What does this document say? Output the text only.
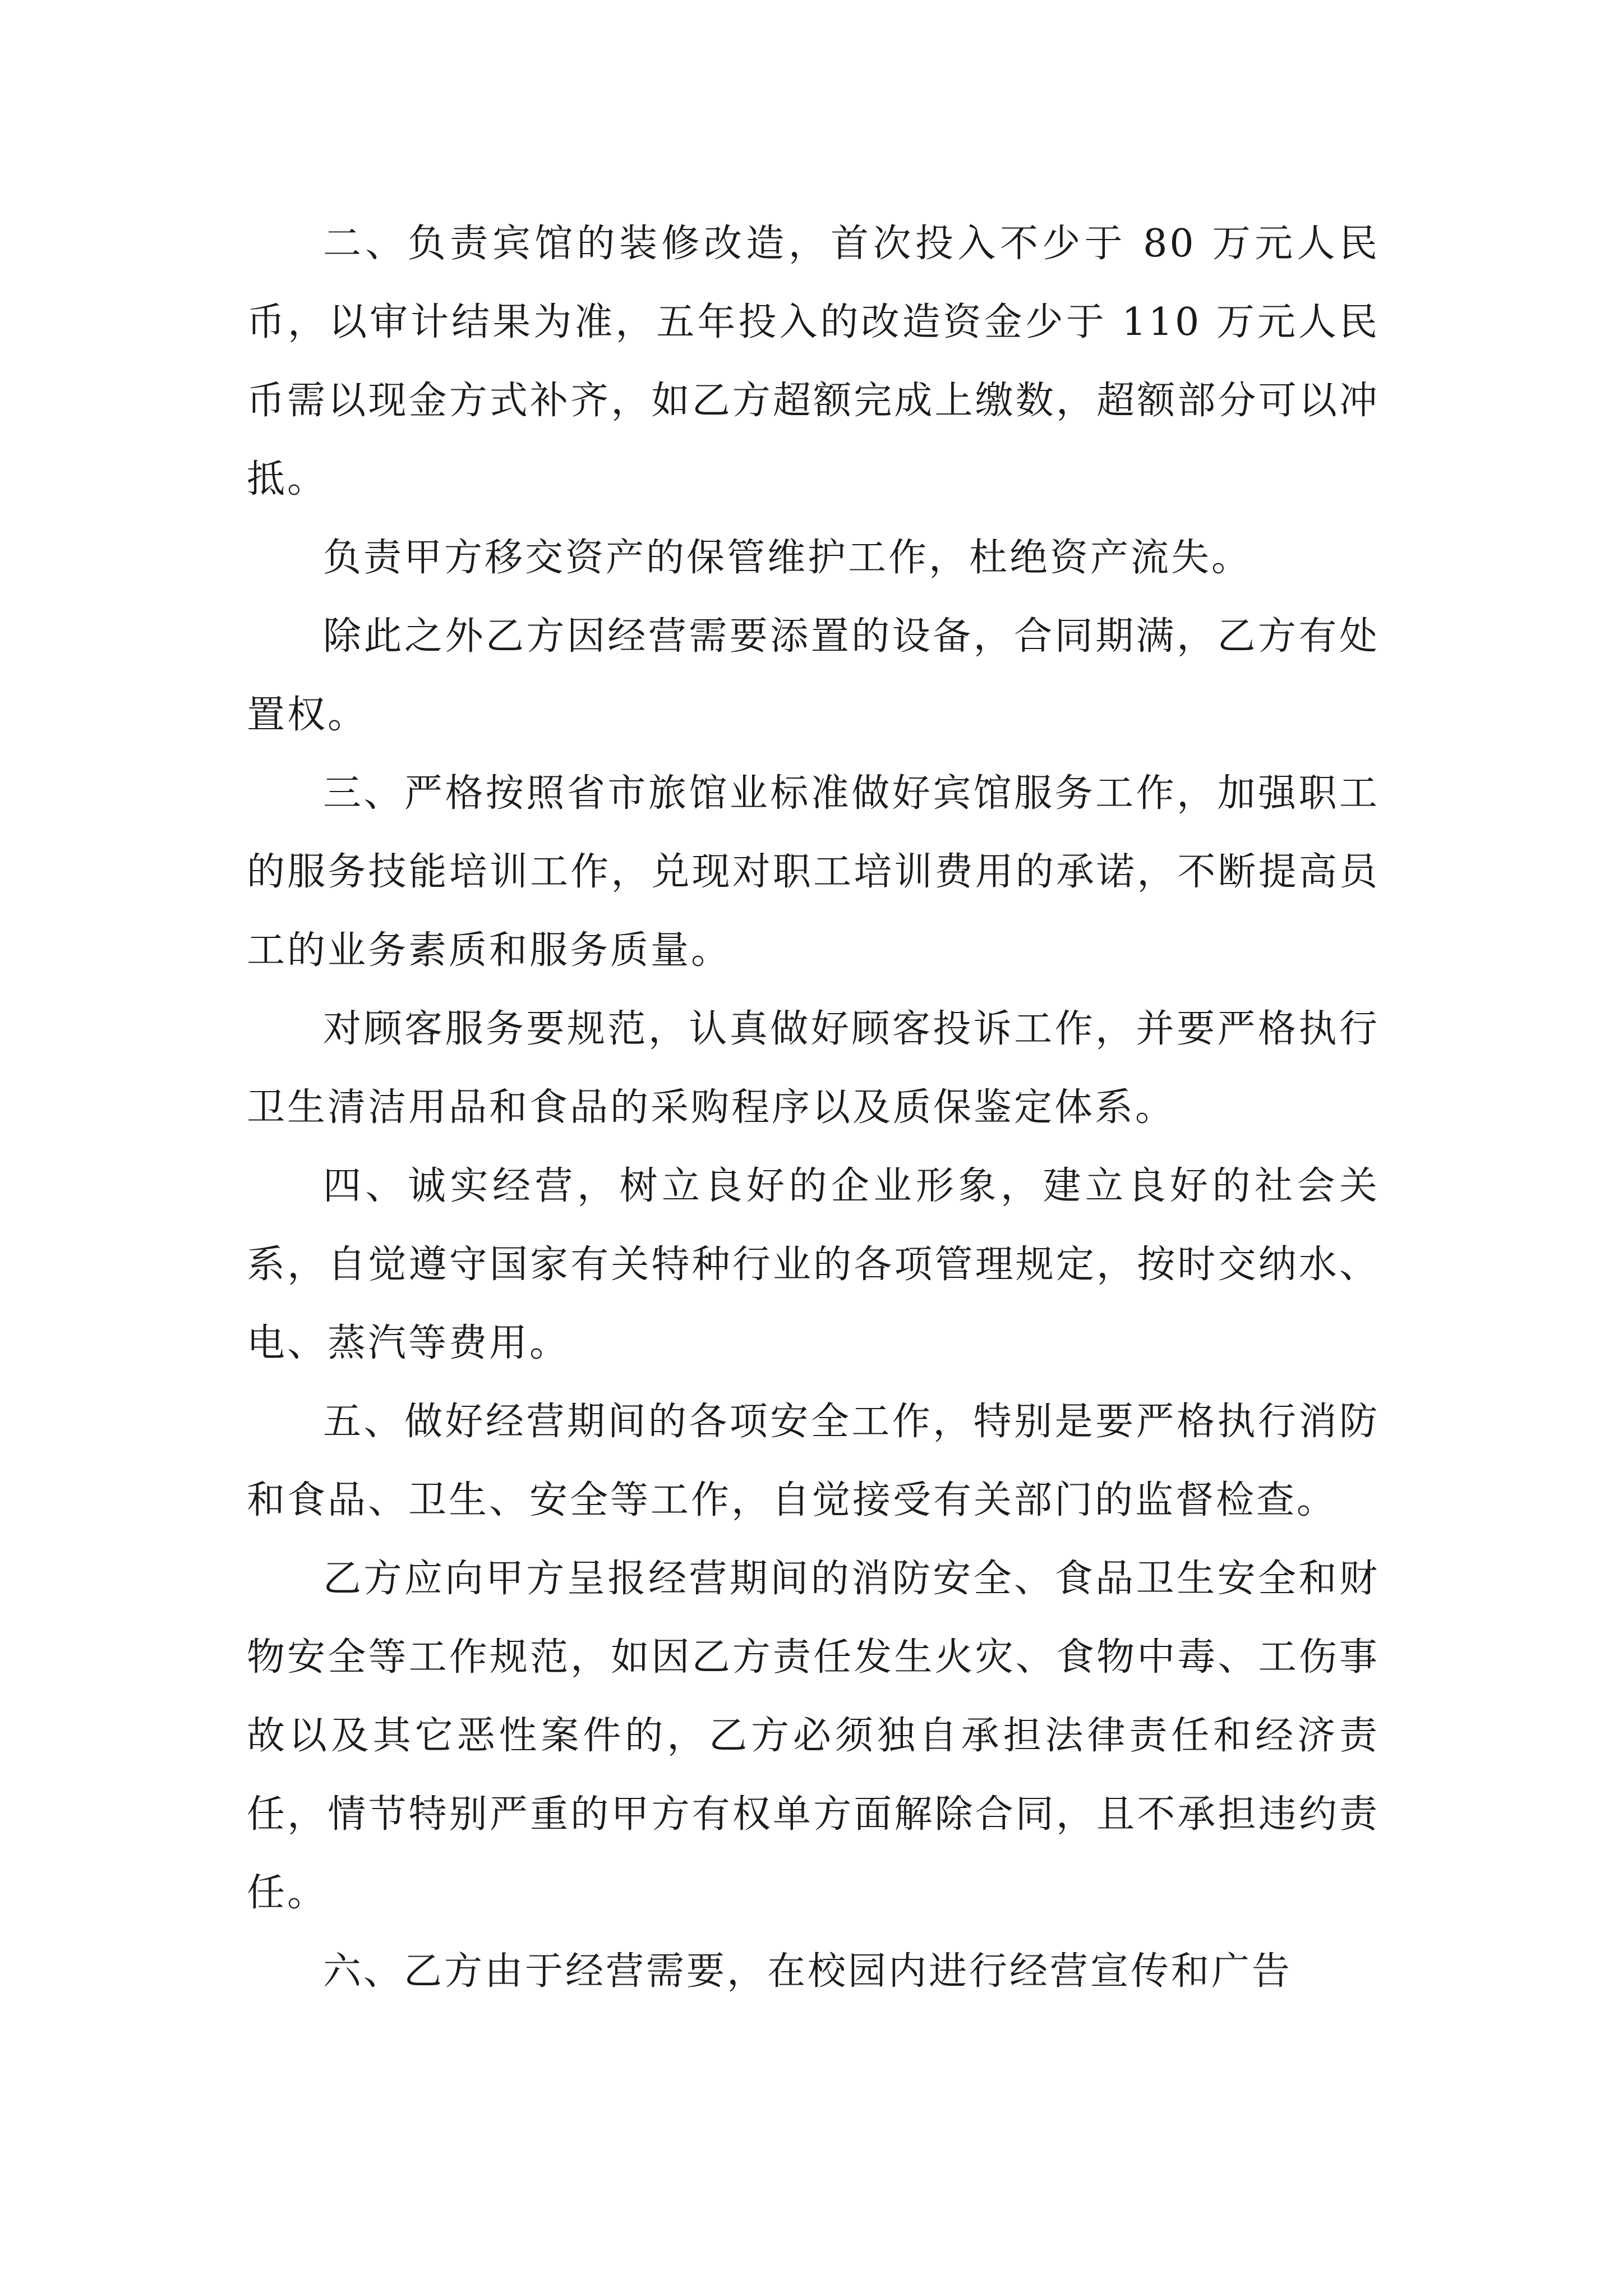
二、负责宾馆的装修改造，首次投入不少于 80 万元人民币，以审计结果为准，五年投入的改造资金少于 110 万元人民币需以现金方式补齐，如乙方超额完成上缴数，超额部分可以冲抵。

负责甲方移交资产的保管维护工作，杜绝资产流失。

除此之外乙方因经营需要添置的设备，合同期满，乙方有处置权。

三、严格按照省市旅馆业标准做好宾馆服务工作，加强职工的服务技能培训工作，兑现对职工培训费用的承诺，不断提高员工的业务素质和服务质量。

对顾客服务要规范，认真做好顾客投诉工作，并要严格执行卫生清洁用品和食品的采购程序以及质保鉴定体系。

四、诚实经营，树立良好的企业形象，建立良好的社会关系，自觉遵守国家有关特种行业的各项管理规定，按时交纳水、电、蒸汽等费用。

五、做好经营期间的各项安全工作，特别是要严格执行消防和食品、卫生、安全等工作，自觉接受有关部门的监督检查。

乙方应向甲方呈报经营期间的消防安全、食品卫生安全和财物安全等工作规范，如因乙方责任发生火灾、食物中毒、工伤事故以及其它恶性案件的，乙方必须独自承担法律责任和经济责任，情节特别严重的甲方有权单方面解除合同，且不承担违约责任。

六、乙方由于经营需要，在校园内进行经营宣传和广告
